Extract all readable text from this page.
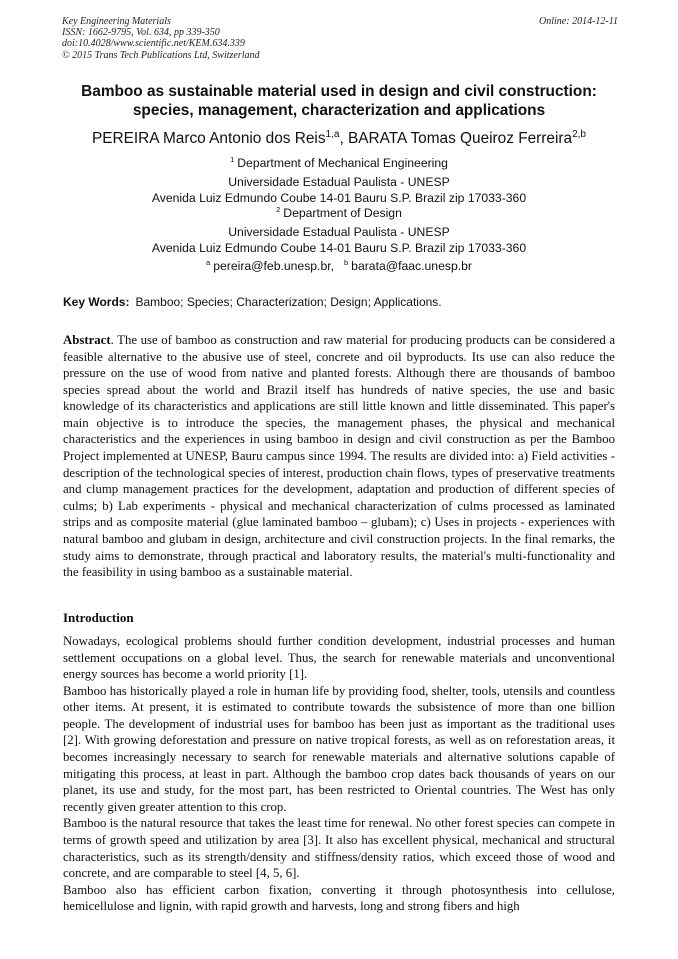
Key Engineering Materials
ISSN: 1662-9795, Vol. 634, pp 339-350
doi:10.4028/www.scientific.net/KEM.634.339
© 2015 Trans Tech Publications Ltd, Switzerland
Online: 2014-12-11
Bamboo as sustainable material used in design and civil construction:
species, management, characterization and applications
PEREIRA Marco Antonio dos Reis$^{1,a}$, BARATA Tomas Queiroz Ferreira$^{2,b}$
$^1$ Department of Mechanical Engineering
Universidade Estadual Paulista - UNESP
Avenida Luiz Edmundo Coube 14-01 Bauru S.P. Brazil zip 17033-360
$^2$ Department of Design
Universidade Estadual Paulista - UNESP
Avenida Luiz Edmundo Coube 14-01 Bauru S.P. Brazil zip 17033-360
$^a$ pereira@feb.unesp.br, $^b$ barata@faac.unesp.br
Key Words: Bamboo; Species; Characterization; Design; Applications.
Abstract. The use of bamboo as construction and raw material for producing products can be considered a feasible alternative to the abusive use of steel, concrete and oil byproducts. Its use can also reduce the pressure on the use of wood from native and planted forests. Although there are thousands of bamboo species spread about the world and Brazil itself has hundreds of native species, the use and basic knowledge of its characteristics and applications are still little known and little disseminated. This paper's main objective is to introduce the species, the management phases, the physical and mechanical characteristics and the experiences in using bamboo in design and civil construction as per the Bamboo Project implemented at UNESP, Bauru campus since 1994. The results are divided into: a) Field activities - description of the technological species of interest, production chain flows, types of preservative treatments and clump management practices for the development, adaptation and production of different species of culms; b) Lab experiments - physical and mechanical characterization of culms processed as laminated strips and as composite material (glue laminated bamboo – glubam); c) Uses in projects - experiences with natural bamboo and glubam in design, architecture and civil construction projects. In the final remarks, the study aims to demonstrate, through practical and laboratory results, the material's multi-functionality and the feasibility in using bamboo as a sustainable material.
Introduction

Nowadays, ecological problems should further condition development, industrial processes and human settlement occupations on a global level. Thus, the search for renewable materials and unconventional energy sources has become a world priority [1].

Bamboo has historically played a role in human life by providing food, shelter, tools, utensils and countless other items. At present, it is estimated to contribute towards the subsistence of more than one billion people. The development of industrial uses for bamboo has been just as important as the traditional uses [2]. With growing deforestation and pressure on native tropical forests, as well as on reforestation areas, it becomes increasingly necessary to search for renewable materials and alternative solutions capable of mitigating this process, at least in part. Although the bamboo crop dates back thousands of years on our planet, its use and study, for the most part, has been restricted to Oriental countries. The West has only recently given greater attention to this crop.

Bamboo is the natural resource that takes the least time for renewal. No other forest species can compete in terms of growth speed and utilization by area [3]. It also has excellent physical, mechanical and structural characteristics, such as its strength/density and stiffness/density ratios, which exceed those of wood and concrete, and are comparable to steel [4, 5, 6].

Bamboo also has efficient carbon fixation, converting it through photosynthesis into cellulose, hemicellulose and lignin, with rapid growth and harvests, long and strong fibers and high
